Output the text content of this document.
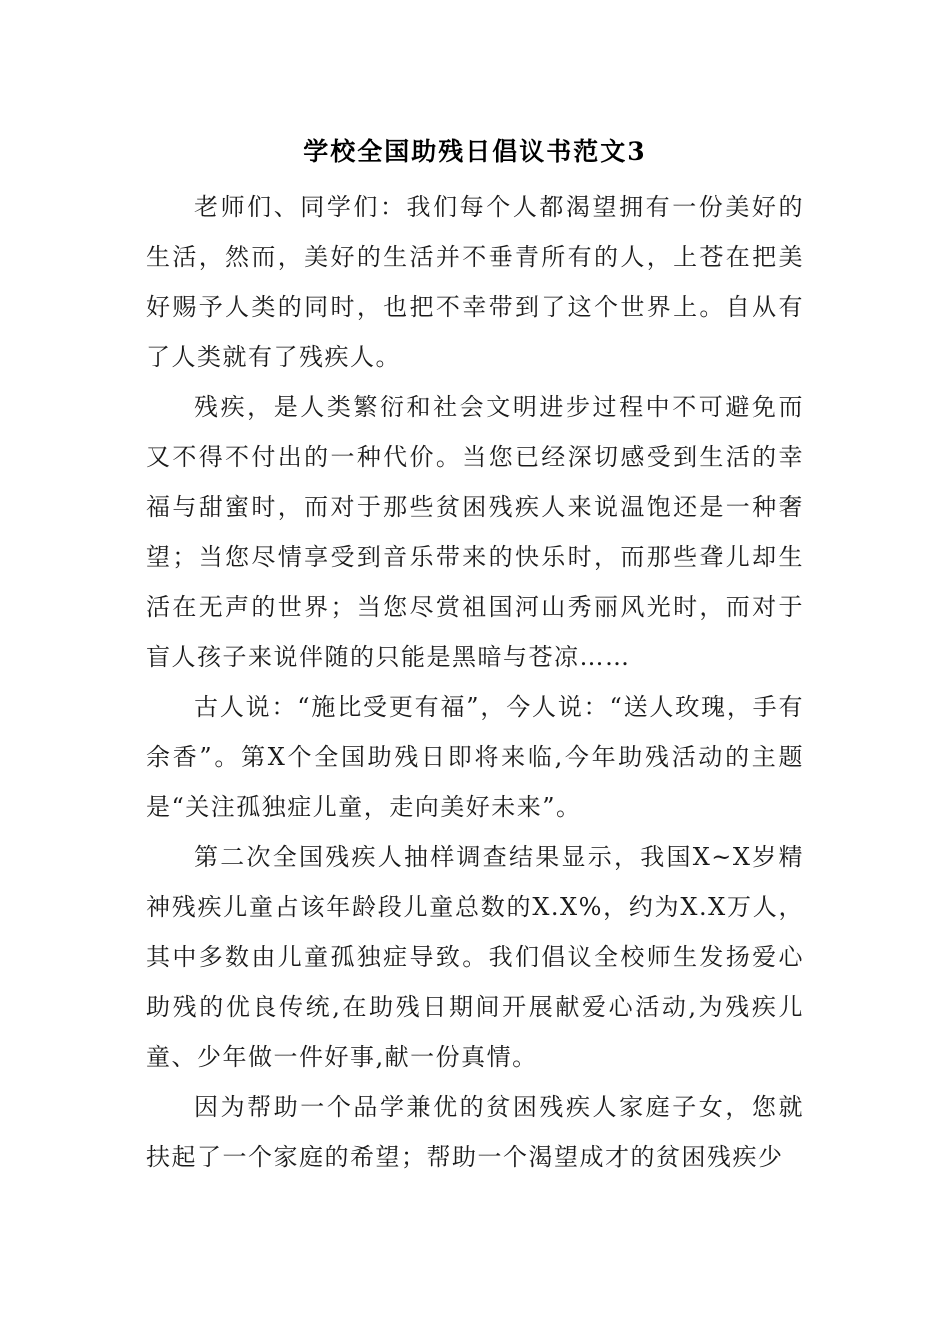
学校全国助残日倡议书范文3

老师们、同学们：我们每个人都渴望拥有一份美好的生活，然而，美好的生活并不垂青所有的人，上苍在把美好赐予人类的同时，也把不幸带到了这个世界上。自从有了人类就有了残疾人。

残疾，是人类繁衍和社会文明进步过程中不可避免而又不得不付出的一种代价。当您已经深切感受到生活的幸福与甜蜜时，而对于那些贫困残疾人来说温饱还是一种奢望；当您尽情享受到音乐带来的快乐时，而那些聋儿却生活在无声的世界；当您尽赏祖国河山秀丽风光时，而对于盲人孩子来说伴随的只能是黑暗与苍凉……

古人说：“施比受更有福”，今人说：“送人玫瑰，手有余香”。第X个全国助残日即将来临,今年助残活动的主题是“关注孤独症儿童，走向美好未来”。

第二次全国残疾人抽样调查结果显示，我国X~X岁精神残疾儿童占该年龄段儿童总数的X.X%，约为X.X万人，其中多数由儿童孤独症导致。我们倡议全校师生发扬爱心助残的优良传统,在助残日期间开展献爱心活动,为残疾儿童、少年做一件好事,献一份真情。

因为帮助一个品学兼优的贫困残疾人家庭子女，您就扶起了一个家庭的希望；帮助一个渴望成才的贫困残疾少
